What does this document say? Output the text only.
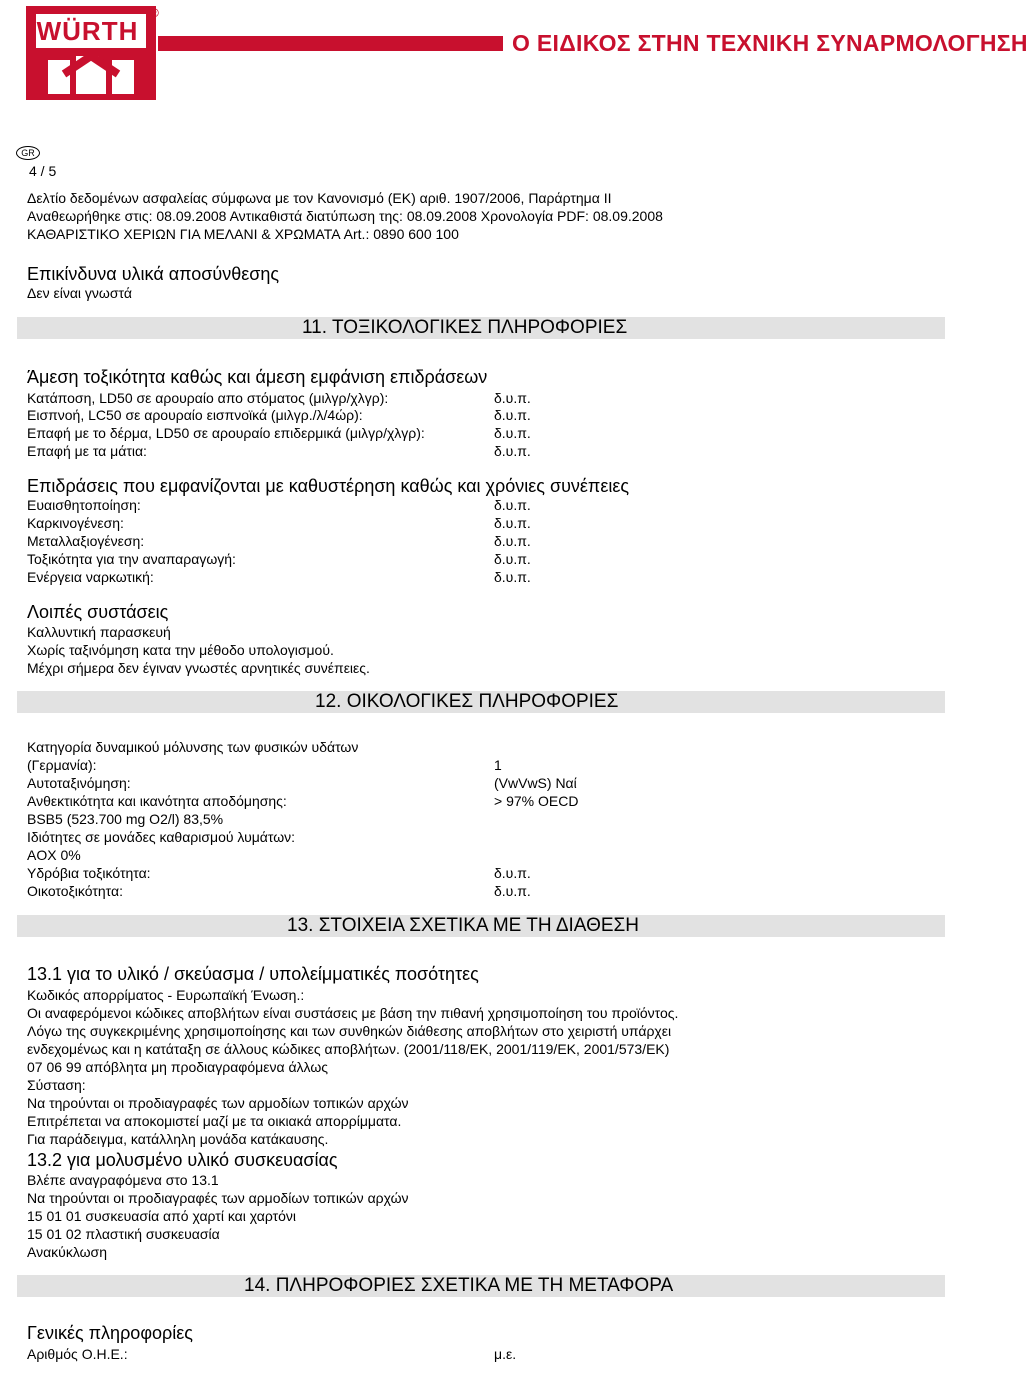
WÜRTH
®
Ο ΕΙΔΙΚΟΣ ΣΤΗΝ ΤΕΧΝΙΚΗ ΣΥΝΑΡΜΟΛΟΓΗΣΗ
GR
4 / 5
Δελτίο δεδομένων ασφαλείας σύμφωνα με τον Κανονισμό (ΕΚ) αριθ. 1907/2006, Παράρτημα II
Αναθεωρήθηκε στις: 08.09.2008 Αντικαθιστά διατύπωση της: 08.09.2008 Χρονολογία PDF: 08.09.2008
ΚΑΘΑΡΙΣΤΙΚΟ ΧΕΡΙΩΝ ΓΙΑ ΜΕΛΑΝΙ & ΧΡΩΜΑΤΑ Art.: 0890 600 100
Επικίνδυνα υλικά αποσύνθεσης
Δεν είναι γνωστά
11. ΤΟΞΙΚΟΛΟΓΙΚΕΣ ΠΛΗΡΟΦΟΡΙΕΣ
Άμεση τοξικότητα καθώς και άμεση εμφάνιση επιδράσεων
Κατάποση, LD50 σε αρουραίο απο στόματος (μιλγρ/χλγρ):	δ.υ.π.
Εισπνοή, LC50 σε αρουραίο εισπνοϊκά (μιλγρ./λ/4ώρ):	δ.υ.π.
Επαφή με το δέρμα, LD50 σε αρουραίο επιδερμικά (μιλγρ/χλγρ):	δ.υ.π.
Επαφή με τα μάτια:	δ.υ.π.
Επιδράσεις που εμφανίζονται με καθυστέρηση καθώς και χρόνιες συνέπειες
Ευαισθητοποίηση:	δ.υ.π.
Καρκινογένεση:	δ.υ.π.
Μεταλλαξιογένεση:	δ.υ.π.
Τοξικότητα για την αναπαραγωγή:	δ.υ.π.
Ενέργεια ναρκωτική:	δ.υ.π.
Λοιπές συστάσεις
Καλλυντική παρασκευή
Χωρίς ταξινόμηση κατα την μέθοδο υπολογισμού.
Μέχρι σήμερα δεν έγιναν γνωστές αρνητικές συνέπειες.
12. ΟΙΚΟΛΟΓΙΚΕΣ ΠΛΗΡΟΦΟΡΙΕΣ
Κατηγορία δυναμικού μόλυνσης των φυσικών υδάτων
(Γερμανία):	1
Αυτοταξινόμηση:	(VwVwS) Ναί
Ανθεκτικότητα και ικανότητα αποδόμησης:	> 97% OECD
BSB5 (523.700 mg O2/l) 83,5%
Ιδιότητες σε μονάδες καθαρισμού λυμάτων:
AOX 0%
Υδρόβια τοξικότητα:	δ.υ.π.
Οικοτοξικότητα:	δ.υ.π.
13. ΣΤΟΙΧΕΙΑ ΣΧΕΤΙΚΑ ΜΕ ΤΗ ΔΙΑΘΕΣΗ
13.1 για το υλικό / σκεύασμα / υπολείμματικές ποσότητες
Κωδικός απορρίματος - Ευρωπαϊκή Ένωση.:
Οι αναφερόμενοι κώδικες αποβλήτων είναι συστάσεις με βάση την πιθανή χρησιμοποίηση του προϊόντος.
Λόγω της συγκεκριμένης χρησιμοποίησης και των συνθηκών διάθεσης αποβλήτων στο χειριστή υπάρχει
ενδεχομένως και η κατάταξη σε άλλους κώδικες αποβλήτων. (2001/118/ΕΚ, 2001/119/ΕΚ, 2001/573/ΕΚ)
07 06 99 απόβλητα μη προδιαγραφόμενα άλλως
Σύσταση:
Να τηρούνται οι προδιαγραφές των αρμοδίων τοπικών αρχών
Επιτρέπεται να αποκομιστεί μαζί με τα οικιακά απορρίμματα.
Για παράδειγμα, κατάλληλη μονάδα κατάκαυσης.
13.2 για μολυσμένο υλικό συσκευασίας
Βλέπε αναγραφόμενα στο 13.1
Να τηρούνται οι προδιαγραφές των αρμοδίων τοπικών αρχών
15 01 01 συσκευασία από χαρτί και χαρτόνι
15 01 02 πλαστική συσκευασία
Ανακύκλωση
14. ΠΛΗΡΟΦΟΡΙΕΣ ΣΧΕΤΙΚΑ ΜΕ ΤΗ ΜΕΤΑΦΟΡΑ
Γενικές πληροφορίες
Αριθμός Ο.Η.Ε.:	μ.ε.
